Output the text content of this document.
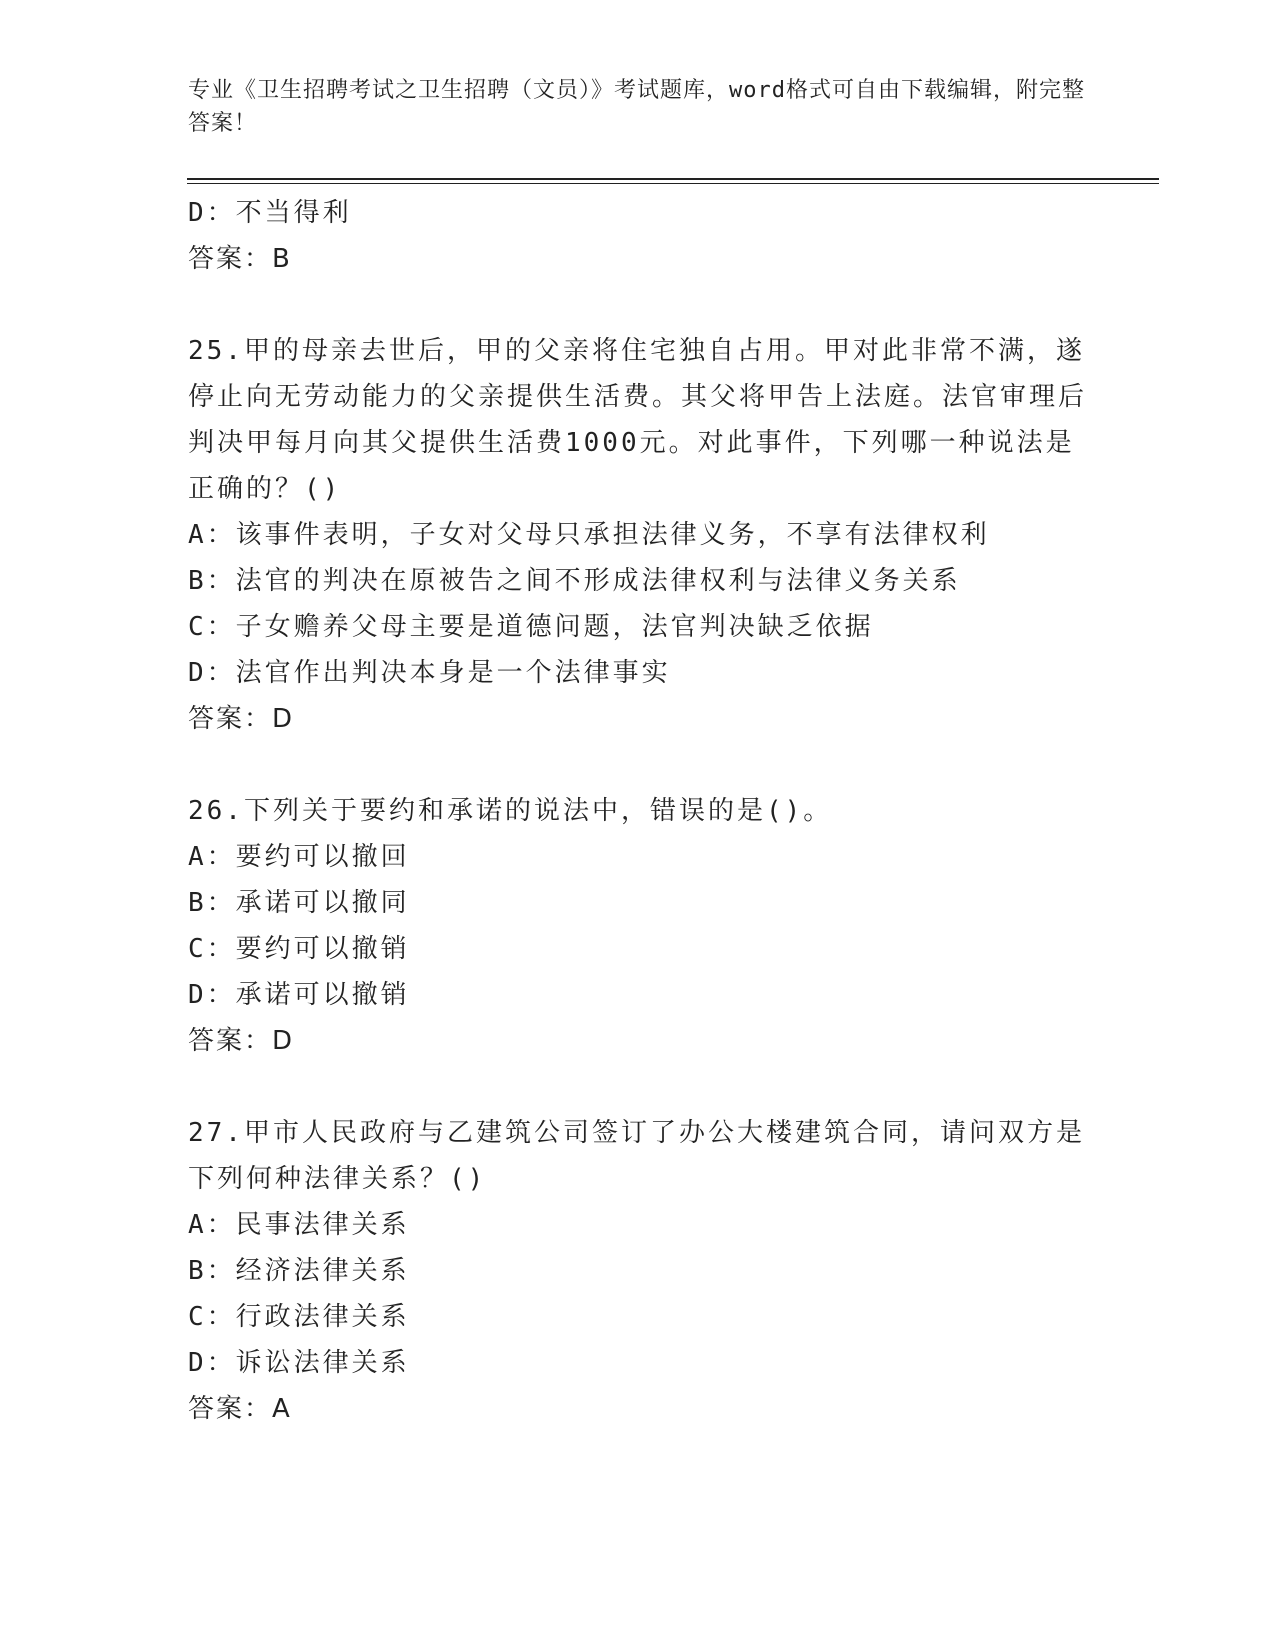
专业《卫生招聘考试之卫生招聘（文员）》考试题库，word格式可自由下载编辑，附完整答案！
D：不当得利
答案：B
25.甲的母亲去世后，甲的父亲将住宅独自占用。甲对此非常不满，遂停止向无劳动能力的父亲提供生活费。其父将甲告上法庭。法官审理后判决甲每月向其父提供生活费1000元。对此事件，下列哪一种说法是正确的？()
A：该事件表明，子女对父母只承担法律义务，不享有法律权利
B：法官的判决在原被告之间不形成法律权利与法律义务关系
C：子女赡养父母主要是道德问题，法官判决缺乏依据
D：法官作出判决本身是一个法律事实
答案：D
26.下列关于要约和承诺的说法中，错误的是()。
A：要约可以撤回
B：承诺可以撤同
C：要约可以撤销
D：承诺可以撤销
答案：D
27.甲市人民政府与乙建筑公司签订了办公大楼建筑合同，请问双方是下列何种法律关系？()
A：民事法律关系
B：经济法律关系
C：行政法律关系
D：诉讼法律关系
答案：A
